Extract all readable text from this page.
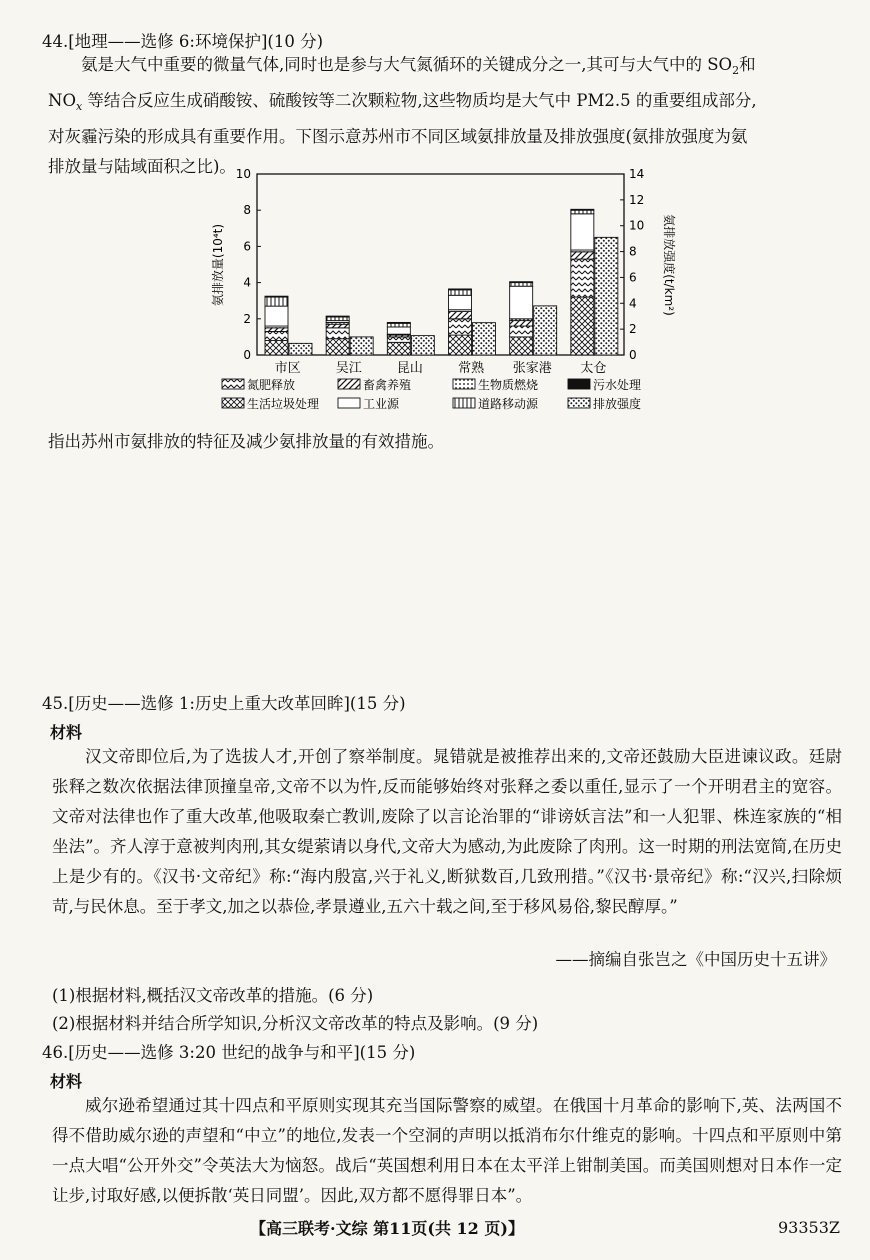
44.[地理——选修 6:环境保护](10 分)
氨是大气中重要的微量气体,同时也是参与大气氮循环的关键成分之一,其可与大气中的 $SO_2$和
$NO_x$ 等结合反应生成硝酸铵、硫酸铵等二次颗粒物,这些物质均是大气中 PM2.5 的重要组成部分,
对灰霾污染的形成具有重要作用。下图示意苏州市不同区域氨排放量及排放强度(氨排放强度为氨
排放量与陆域面积之比)。
0
2
4
6
8
10
0
2
4
6
8
10
12
14
氨排放量(10⁴t)	氨排放强度(t/km²)
市区	吴江	昆山	常熟 张家港 太仓
氮肥释放	畜禽养殖	生物质燃烧	污水处理
生活垃圾处理	工业源	道路移动源	排放强度
指出苏州市氨排放的特征及减少氨排放量的有效措施。
45.[历史——选修 1:历史上重大改革回眸](15 分)
材料

汉文帝即位后,为了选拔人才,开创了察举制度。晁错就是被推荐出来的,文帝还鼓励大臣进谏议政。廷尉张释之数次依据法律顶撞皇帝,文帝不以为忤,反而能够始终对张释之委以重任,显示了一个开明君主的宽容。文帝对法律也作了重大改革,他吸取秦亡教训,废除了以言论治罪的“诽谤妖言法”和一人犯罪、株连家族的“相坐法”。齐人淳于意被判肉刑,其女缇萦请以身代,文帝大为感动,为此废除了肉刑。这一时期的刑法宽简,在历史上是少有的。《汉书·文帝纪》称:“海内殷富,兴于礼义,断狱数百,几致刑措。”《汉书·景帝纪》称:“汉兴,扫除烦苛,与民休息。至于孝文,加之以恭俭,孝景遵业,五六十载之间,至于移风易俗,黎民醇厚。”

——摘编自张岂之《中国历史十五讲》
(1)根据材料,概括汉文帝改革的措施。(6 分)
(2)根据材料并结合所学知识,分析汉文帝改革的特点及影响。(9 分)
46.[历史——选修 3:20 世纪的战争与和平](15 分)
材料

威尔逊希望通过其十四点和平原则实现其充当国际警察的威望。在俄国十月革命的影响下,英、法两国不得不借助威尔逊的声望和“中立”的地位,发表一个空洞的声明以抵消布尔什维克的影响。十四点和平原则中第一点大唱“公开外交”令英法大为恼怒。战后“英国想利用日本在太平洋上钳制美国。而美国则想对日本作一定让步,讨取好感,以便拆散‘英日同盟’。因此,双方都不愿得罪日本”。

【高三联考·文综 第11页(共 12 页)】	93353Z
